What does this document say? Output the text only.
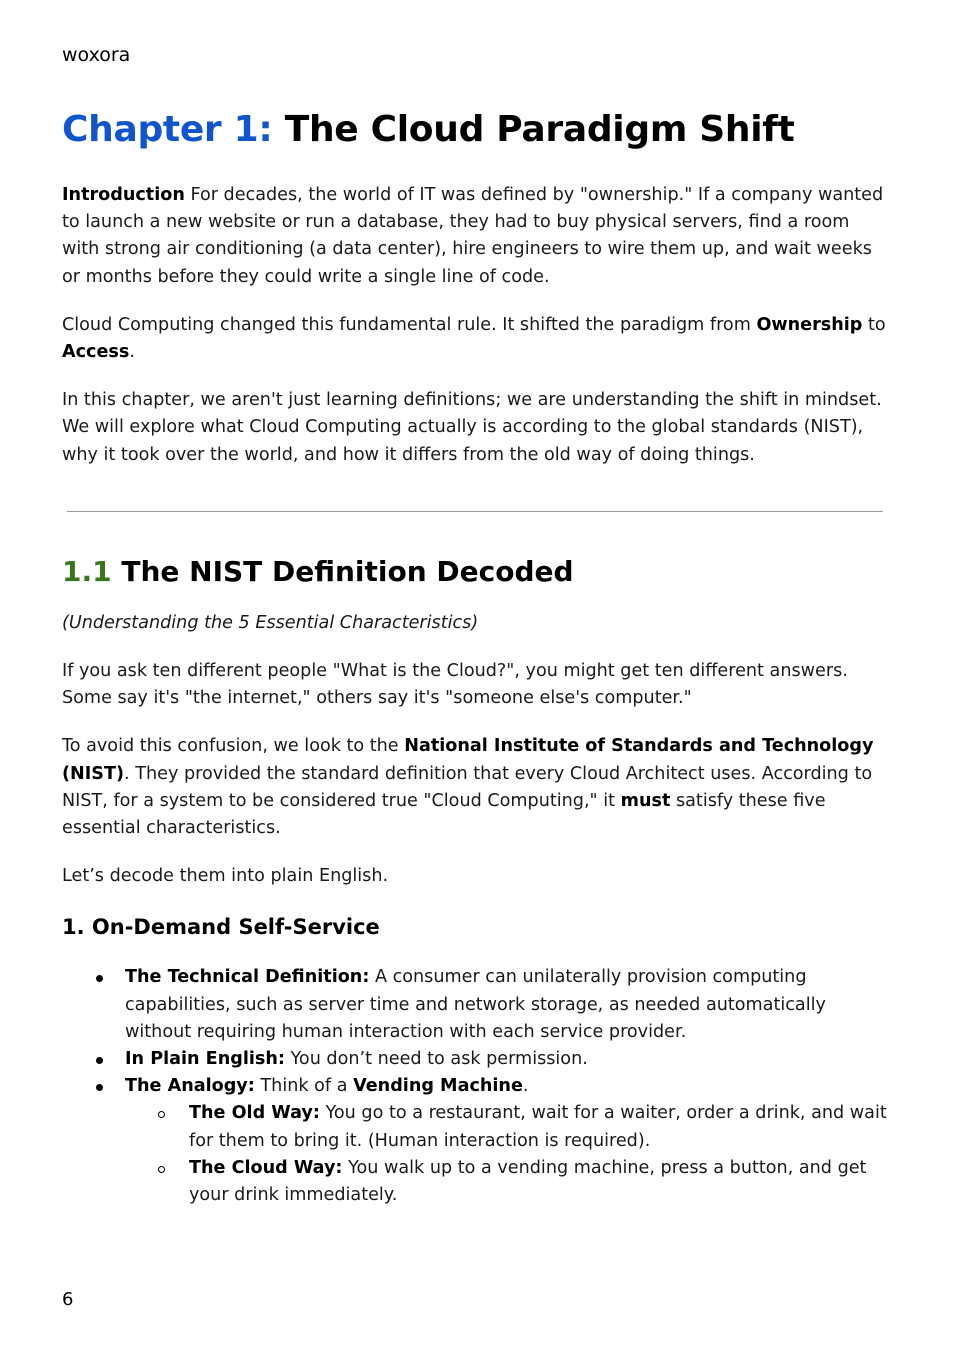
woxora
Chapter 1: The Cloud Paradigm Shift

Introduction For decades, the world of IT was defined by "ownership." If a company wanted to launch a new website or run a database, they had to buy physical servers, find a room with strong air conditioning (a data center), hire engineers to wire them up, and wait weeks or months before they could write a single line of code.

Cloud Computing changed this fundamental rule. It shifted the paradigm from Ownership to Access.

In this chapter, we aren't just learning definitions; we are understanding the shift in mindset. We will explore what Cloud Computing actually is according to the global standards (NIST), why it took over the world, and how it differs from the old way of doing things.

1.1 The NIST Definition Decoded

(Understanding the 5 Essential Characteristics)

If you ask ten different people "What is the Cloud?", you might get ten different answers. Some say it's "the internet," others say it's "someone else's computer."

To avoid this confusion, we look to the National Institute of Standards and Technology (NIST). They provided the standard definition that every Cloud Architect uses. According to NIST, for a system to be considered true "Cloud Computing," it must satisfy these five essential characteristics.

Let’s decode them into plain English.

1. On-Demand Self-Service
The Technical Definition: A consumer can unilaterally provision computing capabilities, such as server time and network storage, as needed automatically without requiring human interaction with each service provider.
In Plain English: You don’t need to ask permission.
The Analogy: Think of a Vending Machine.
The Old Way: You go to a restaurant, wait for a waiter, order a drink, and wait for them to bring it. (Human interaction is required).
The Cloud Way: You walk up to a vending machine, press a button, and get your drink immediately.
6
